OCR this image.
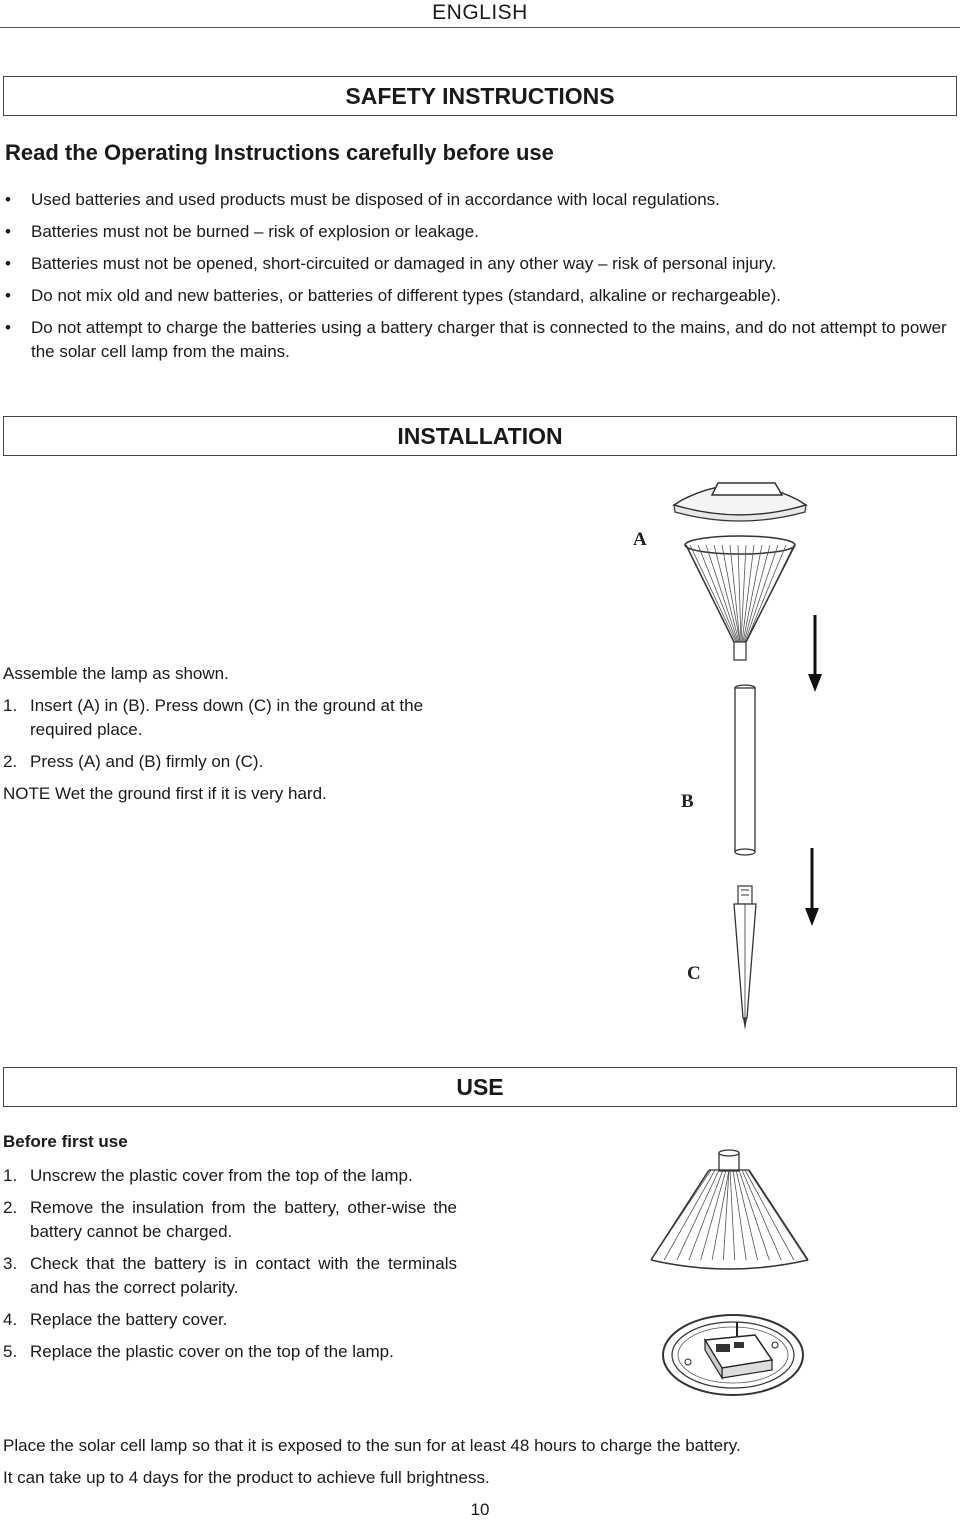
ENGLISH
SAFETY INSTRUCTIONS
Read the Operating Instructions carefully before use
• Used batteries and used products must be disposed of in accordance with local regulations.
• Batteries must not be burned – risk of explosion or leakage.
• Batteries must not be opened, short-circuited or damaged in any other way – risk of personal injury.
• Do not mix old and new batteries, or batteries of different types (standard, alkaline or rechargeable).
• Do not attempt to charge the batteries using a battery charger that is connected to the mains, and do not attempt to power the solar cell lamp from the mains.
INSTALLATION
A
B
C

Assemble the lamp as shown.

1. Insert (A) in (B). Press down (C) in the ground at the required place.
2. Press (A) and (B) firmly on (C).

NOTE Wet the ground first if it is very hard.

USE

Before first use

1. Unscrew the plastic cover from the top of the lamp.
2. Remove the insulation from the battery, other-wise the battery cannot be charged.
3. Check that the battery is in contact with the terminals and has the correct polarity.
4. Replace the battery cover.
5. Replace the plastic cover on the top of the lamp.

Place the solar cell lamp so that it is exposed to the sun for at least 48 hours to charge the battery.

It can take up to 4 days for the product to achieve full brightness.

10
